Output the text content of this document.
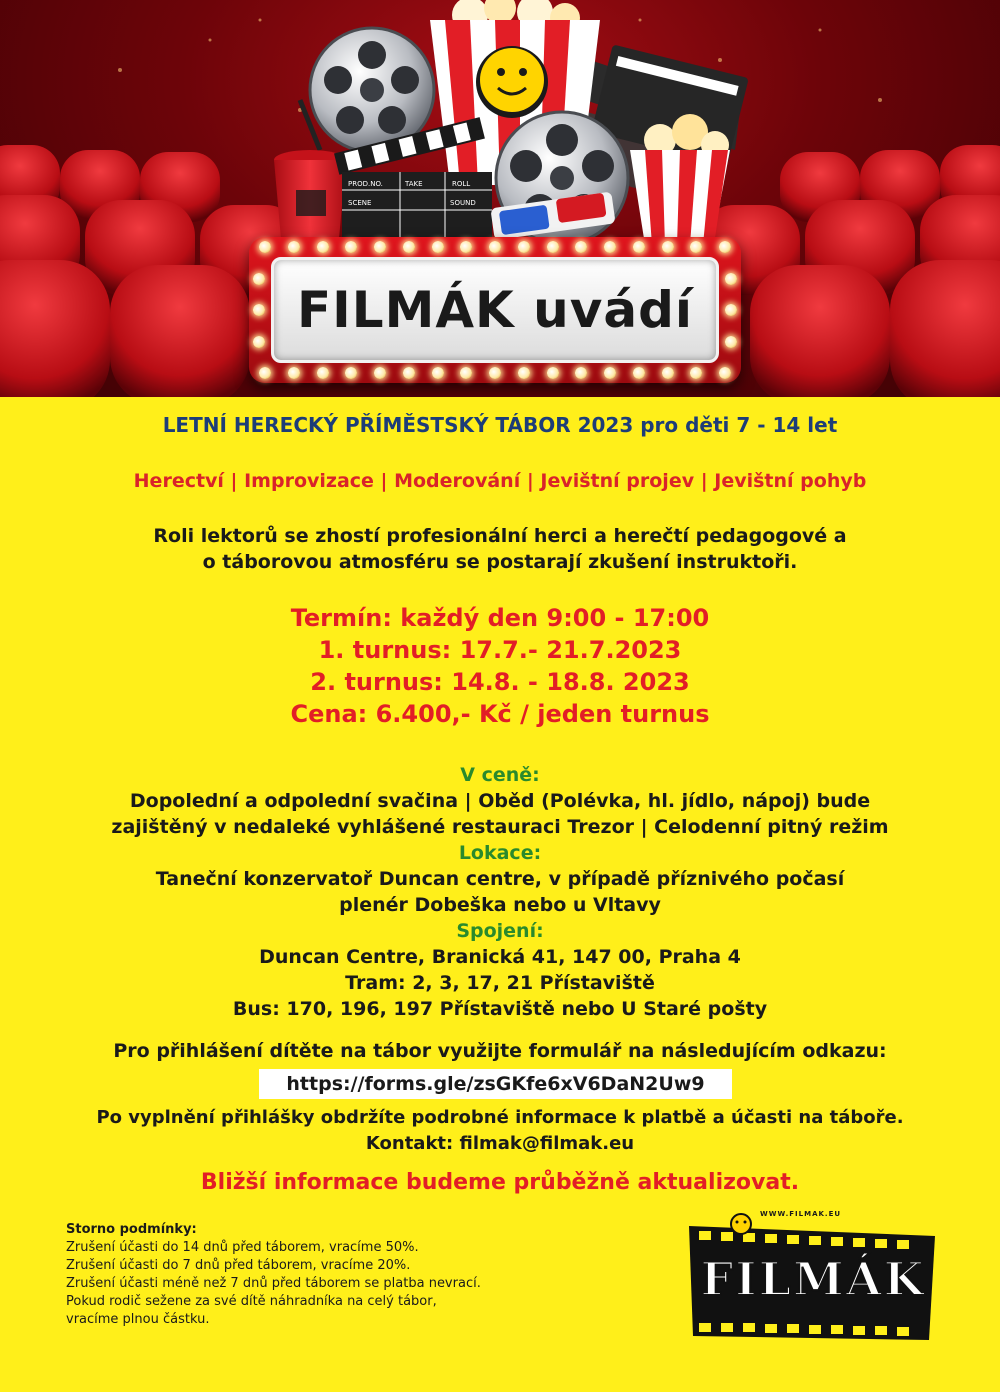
PROD.NO.	TAKE	ROLL
SCENE	SOUND
FILMÁK uvádí
LETNÍ HERECKÝ PŘÍMĚSTSKÝ TÁBOR 2023 pro děti 7 - 14 let
Herectví | Improvizace | Moderování | Jevištní projev | Jevištní pohyb
Roli lektorů se zhostí profesionální herci a herečtí pedagogové a
o táborovou atmosféru se postarají zkušení instruktoři.
Termín: každý den 9:00 - 17:00
1. turnus: 17.7.- 21.7.2023
2. turnus: 14.8. - 18.8. 2023
Cena: 6.400,- Kč / jeden turnus
V ceně:
Dopolední a odpolední svačina | Oběd (Polévka, hl. jídlo, nápoj) bude
zajištěný v nedaleké vyhlášené restauraci Trezor | Celodenní pitný režim
Lokace:
Taneční konzervatoř Duncan centre, v případě příznivého počasí
plenér Dobeška nebo u Vltavy
Spojení:
Duncan Centre, Branická 41, 147 00, Praha 4
Tram: 2, 3, 17, 21 Přístaviště
Bus: 170, 196, 197 Přístaviště nebo U Staré pošty
Pro přihlášení dítěte na tábor využijte formulář na následujícím odkazu:
https://forms.gle/zsGKfe6xV6DaN2Uw9
Po vyplnění přihlášky obdržíte podrobné informace k platbě a účasti na táboře.
Kontakt: filmak@filmak.eu
Bližší informace budeme průběžně aktualizovat.
Storno podmínky:
Zrušení účasti do 14 dnů před táborem, vracíme 50%.
Zrušení účasti do 7 dnů před táborem, vracíme 20%.
Zrušení účasti méně než 7 dnů před táborem se platba nevrací.
Pokud rodič sežene za své dítě náhradníka na celý tábor,
vracíme plnou částku.
WWW.FILMAK.EU
FILMÁK
